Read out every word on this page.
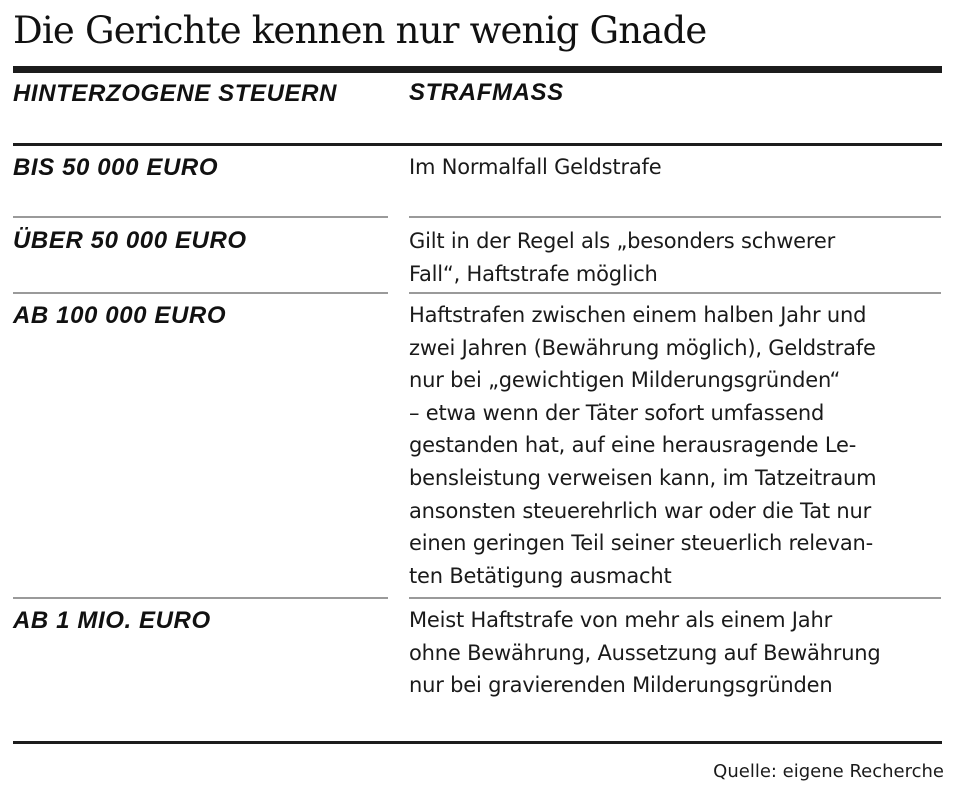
Die Gerichte kennen nur wenig Gnade
HINTERZOGENE STEUERN	STRAFMASS
BIS 50 000 EURO	Im Normalfall Geldstrafe
ÜBER 50 000 EURO	Gilt in der Regel als „besonders schwerer
Fall“, Haftstrafe möglich
AB 100 000 EURO	Haftstrafen zwischen einem halben Jahr und
zwei Jahren (Bewährung möglich), Geldstrafe
nur bei „gewichtigen Milderungsgründen“
– etwa wenn der Täter sofort umfassend
gestanden hat, auf eine herausragende Le-
bensleistung verweisen kann, im Tatzeitraum
ansonsten steuerehrlich war oder die Tat nur
einen geringen Teil seiner steuerlich relevan-
ten Betätigung ausmacht
AB 1 MIO. EURO	Meist Haftstrafe von mehr als einem Jahr
ohne Bewährung, Aussetzung auf Bewährung
nur bei gravierenden Milderungsgründen
Quelle: eigene Recherche
